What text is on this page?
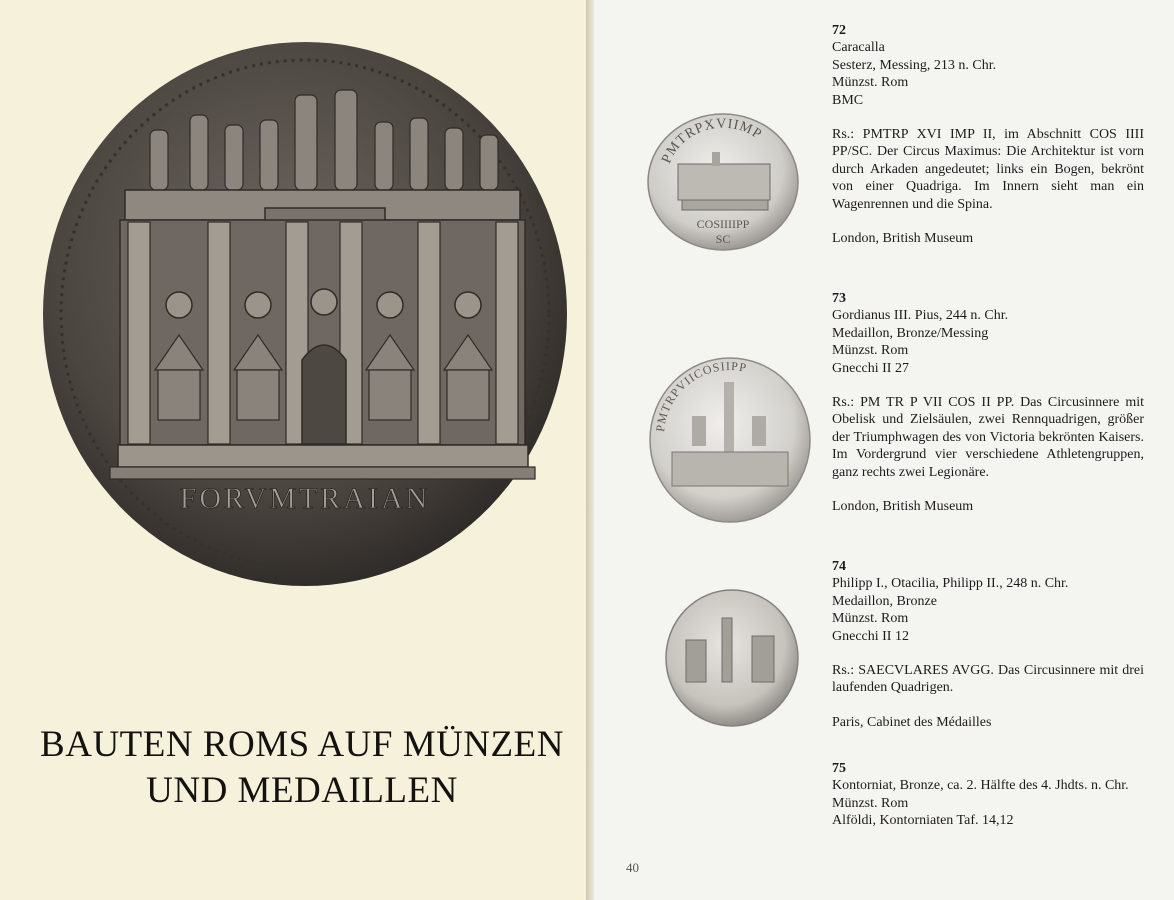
FORVMTRAIAN
BAUTEN ROMS AUF MÜNZEN
UND MEDAILLEN
PMTRPXVIIMP
COSIIIIPP
SC
PMTRPVIICOSIIPP
72
Caracalla
Sesterz, Messing, 213 n. Chr.
Münzst. Rom
BMC
Rs.: PMTRP XVI IMP II, im Abschnitt COS IIII PP/SC. Der Circus Maximus: Die Architektur ist vorn durch Arkaden angedeutet; links ein Bogen, bekrönt von einer Quadriga. Im Innern sieht man ein Wagenrennen und die Spina.
London, British Museum
73
Gordianus III. Pius, 244 n. Chr.
Medaillon, Bronze/Messing
Münzst. Rom
Gnecchi II 27
Rs.: PM TR P VII COS II PP. Das Circusinnere mit Obelisk und Zielsäulen, zwei Rennquadrigen, größer der Triumphwagen des von Victoria bekrönten Kaisers. Im Vordergrund vier verschiedene Athletengruppen, ganz rechts zwei Legionäre.
London, British Museum
74
Philipp I., Otacilia, Philipp II., 248 n. Chr.
Medaillon, Bronze
Münzst. Rom
Gnecchi II 12
Rs.: SAECVLARES AVGG. Das Circusinnere mit drei laufenden Quadrigen.
Paris, Cabinet des Médailles
75
Kontorniat, Bronze, ca. 2. Hälfte des 4. Jhdts. n. Chr.
Münzst. Rom
Alföldi, Kontorniaten Taf. 14,12
40
